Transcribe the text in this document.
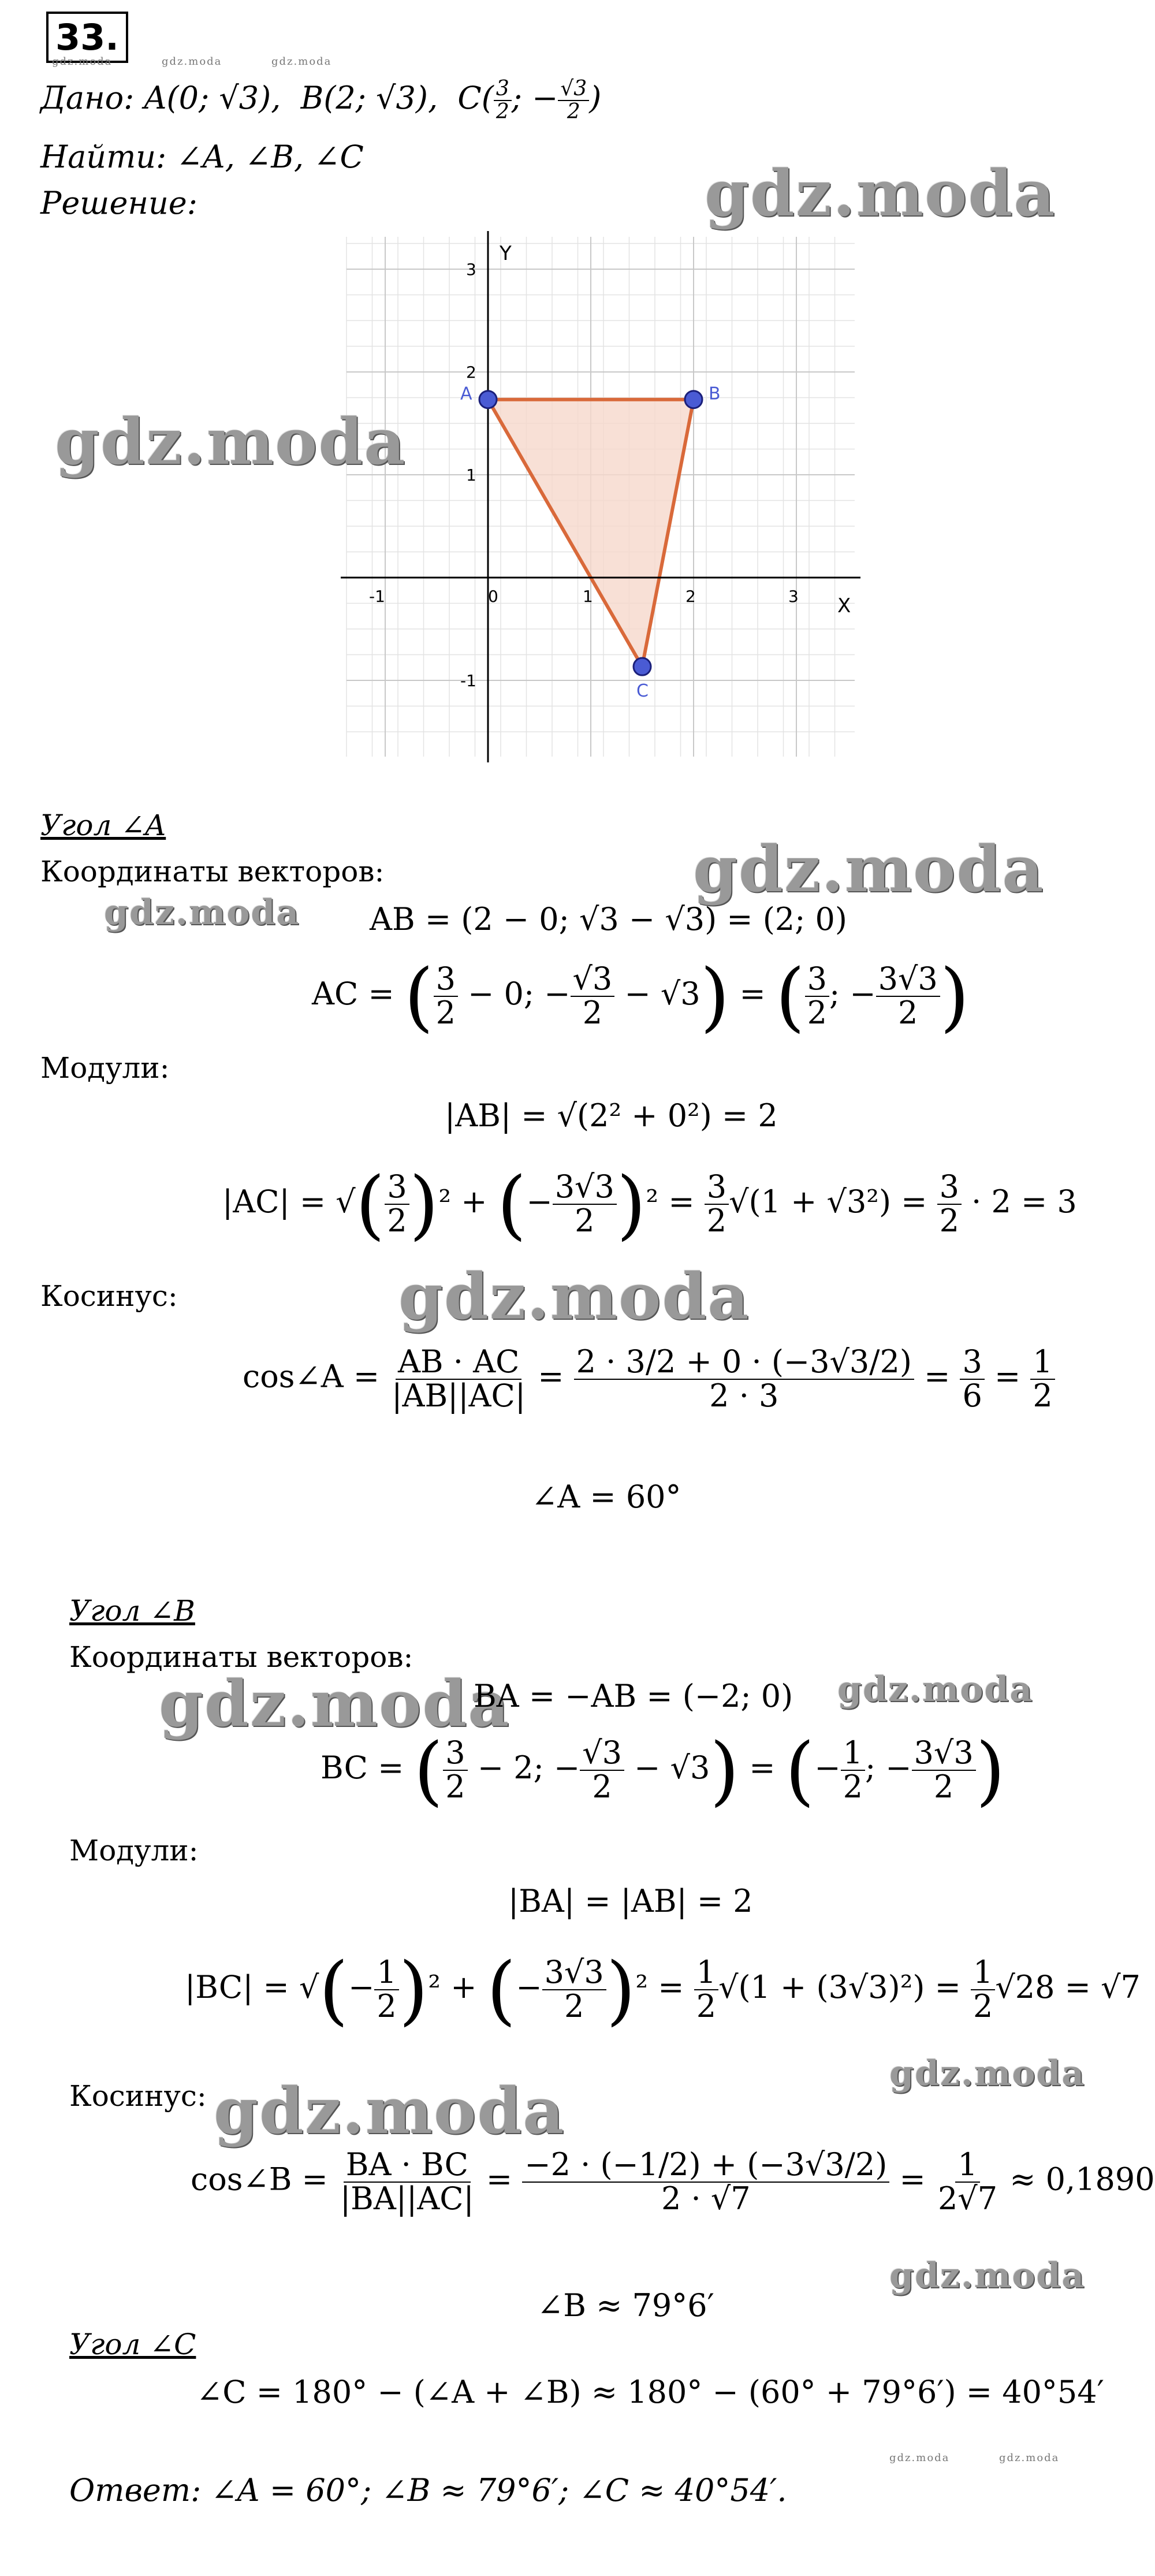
33.
gdz.moda	gdz.moda	gdz.moda
Дано: A(0; √3),  B(2; √3),  $C( \frac{3}{2}$ ; − $\frac{√3}{2}$ )
Найти: ∠A, ∠B, ∠C
Решение:	gdz.moda
Y
X
-1	0	1	2	3
3
2
1
-1
A	B
C
gdz.moda
Угол ∠A
Координаты векторов:	gdz.moda
gdz.moda AB = (2 − 0; √3 − √3) = (2; 0)
AC = ( $\frac{3}{2} - 0$; − $\frac{√3}{2} - √3$) = ( $\frac{3}{2}$ ; − $\frac{3√3}{2}$ )
Модули:
|AB| = √(2² + 0²) = 2
|AC| = √( $\frac{3}{2} )^2$ + (− $\frac{3√3}{2} )^2 = \frac{3}{2} √(1 + √3^2) = \frac{3}{2} \cdot 2 = 3$
Косинус:	gdz.moda
cos∠A = $\frac{AB \cdot AC}{|AB||AC|} = \frac{2 \cdot 3/2 + 0 \cdot (-3√3/2)}{2 \cdot 3} = \frac{3}{6} = \frac{1}{2}$
∠A = 60°
Угол ∠B
Координаты векторов:
gdz.moda	gdz.moda
BA = −AB = (−2; 0)
BC = ( $\frac{3}{2} - 2$; − $\frac{√3}{2} - √3$) = (− $\frac{1}{2}$ ; − $\frac{3√3}{2}$ )
Модули:
|BA| = |AB| = 2
|BC| = √(− $\frac{1}{2} )^2$ + (− $\frac{3√3}{2} )^2 = \frac{1}{2} √(1 + (3√3)^2) = \frac{1}{2} √28 = √7$
gdz.moda
Косинус: gdz.moda
cos∠B = $\frac{BA \cdot BC}{|BA||AC|} = \frac{-2 \cdot (-1/2) + (-3√3/2)}{2 \cdot √7} = \frac{1}{2√7} \approx 0,1890$
gdz.moda
∠B ≈ 79°6′
Угол ∠C
∠C = 180° − (∠A + ∠B) ≈ 180° − (60° + 79°6′) = 40°54′
Ответ: ∠A = 60°; ∠B ≈ 79°6′; ∠C ≈ 40°54′.
gdz.moda	gdz.moda
